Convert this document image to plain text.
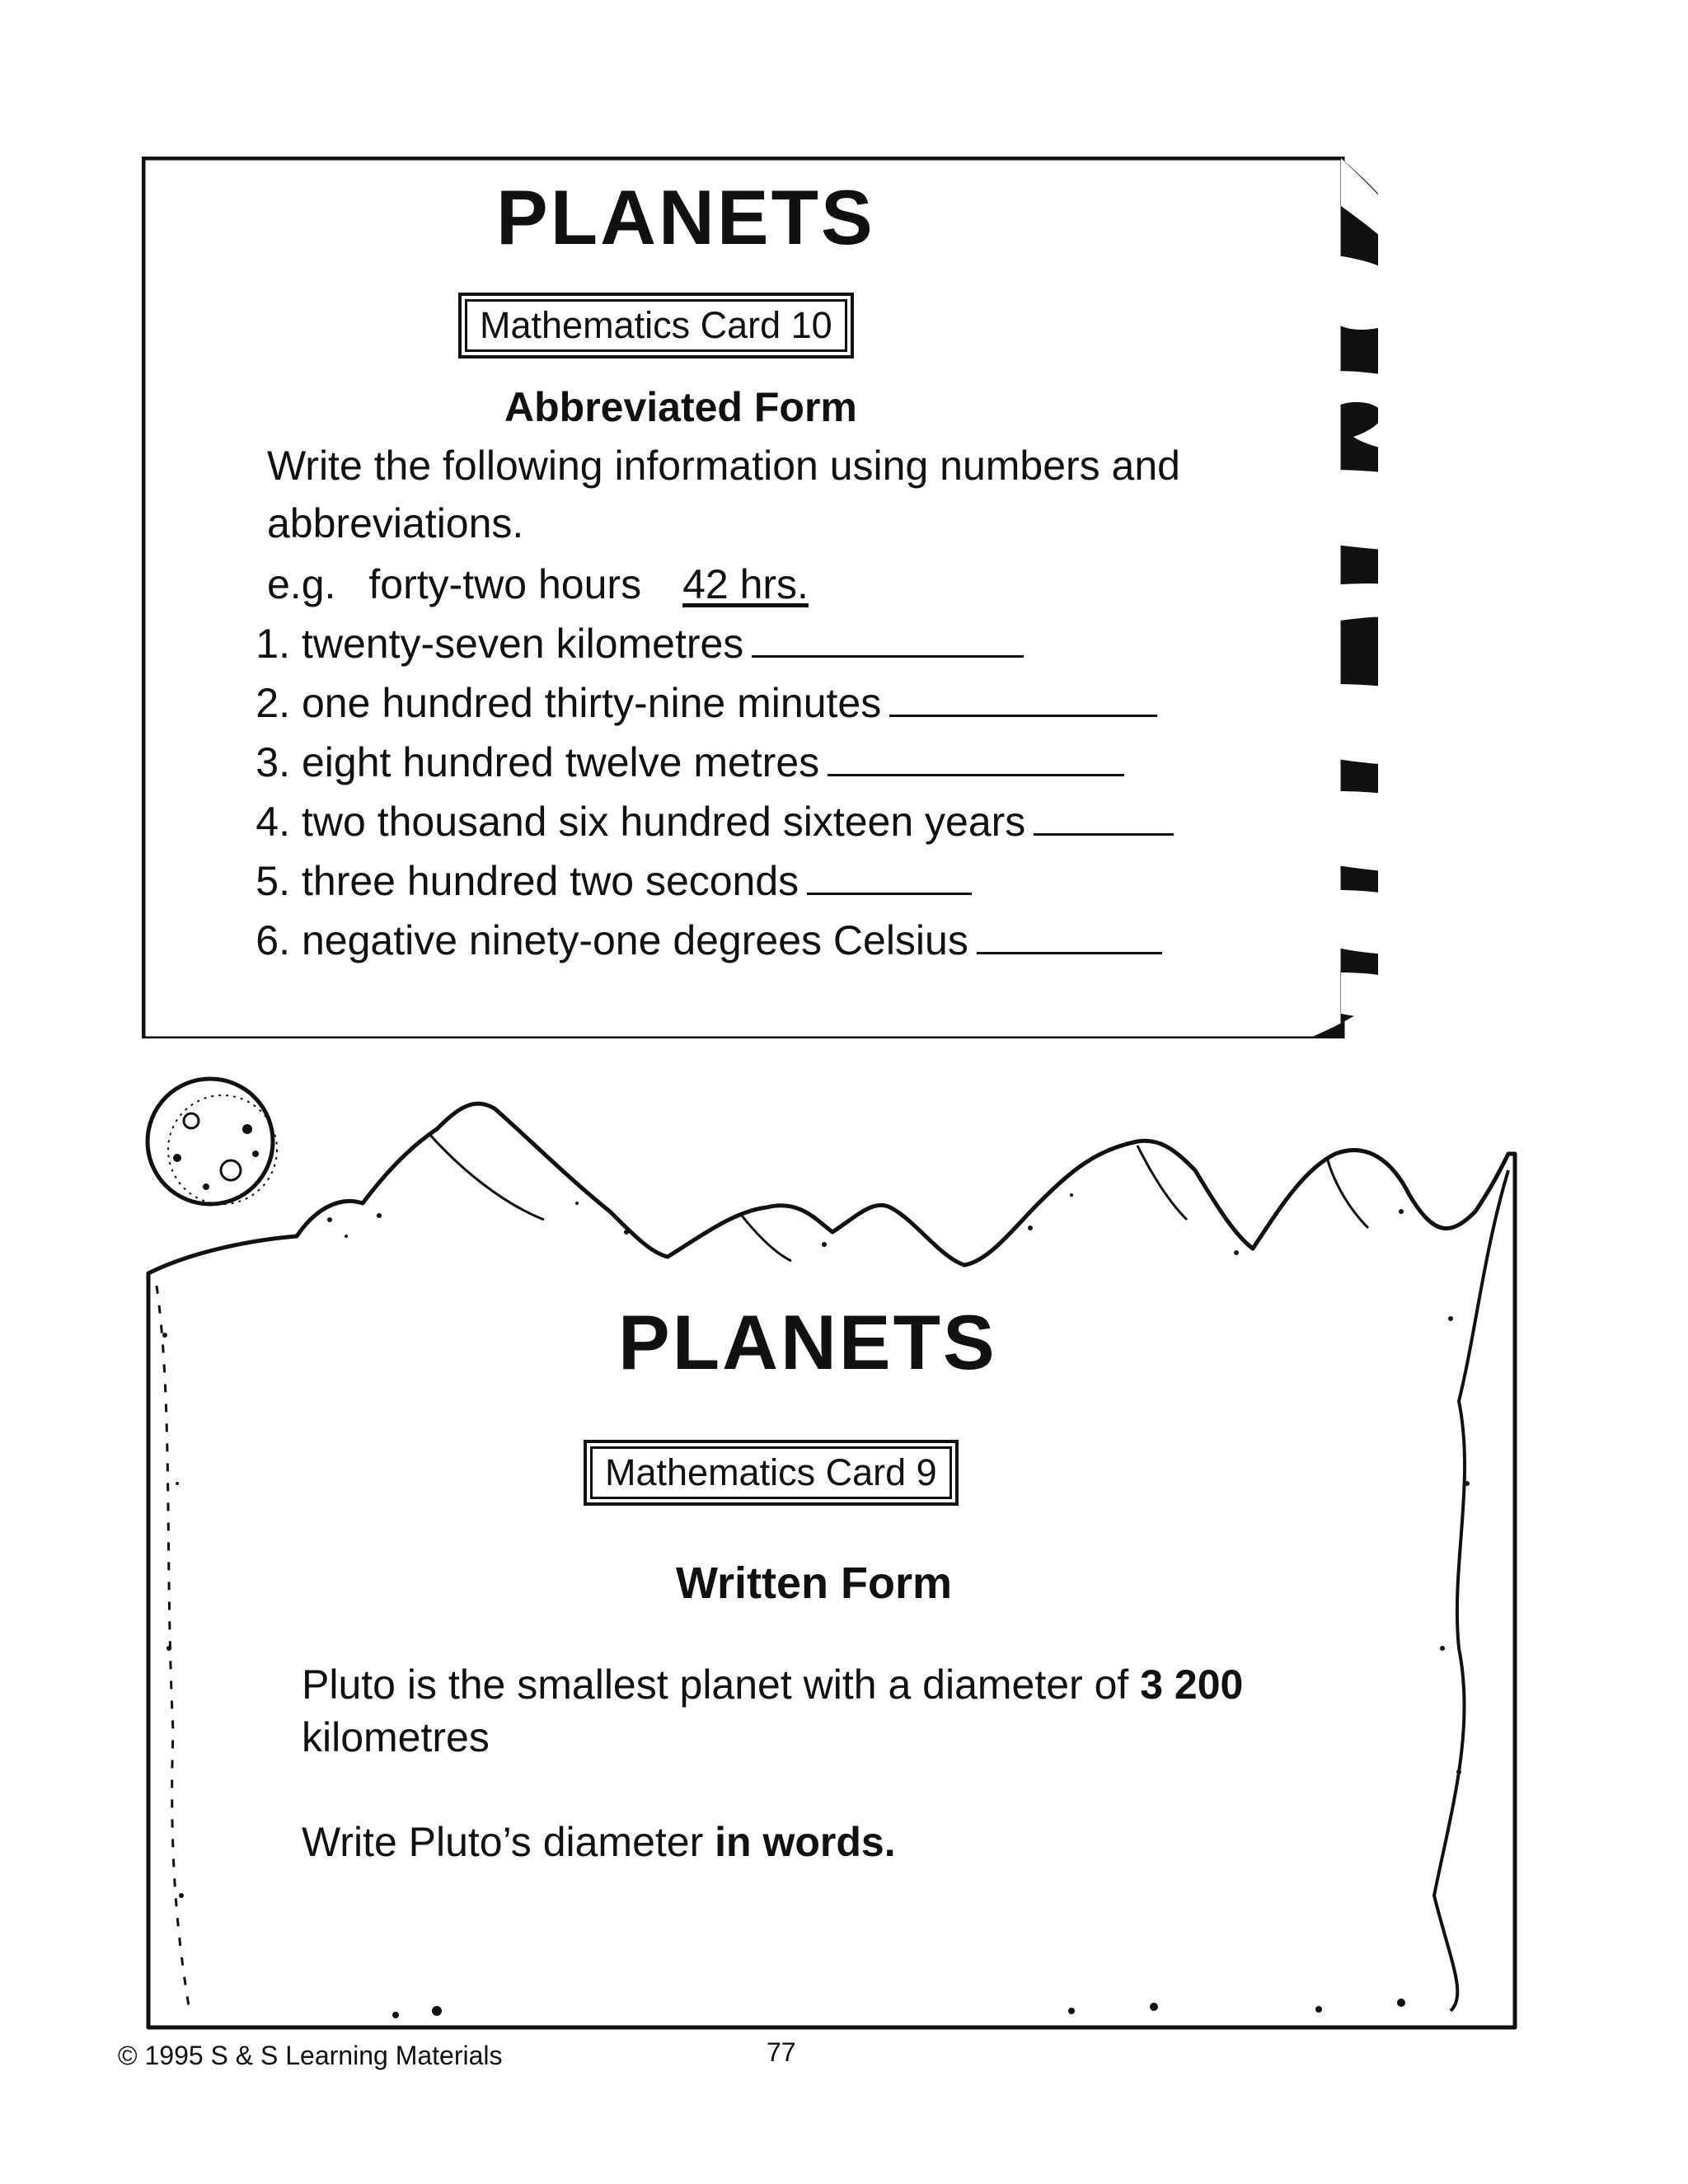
PLANETS
Mathematics Card 10
Abbreviated Form
Write the following information using numbers and abbreviations.
e.g. forty-two hours 42 hrs.
1. twenty-seven kilometres
2. one hundred thirty-nine minutes
3. eight hundred twelve metres
4. two thousand six hundred sixteen years
5. three hundred two seconds
6. negative ninety-one degrees Celsius
PLANETS
Mathematics Card 9
Written Form
Pluto is the smallest planet with a diameter of 3 200
kilometres
Write Pluto’s diameter in words.
© 1995 S & S Learning Materials	77
